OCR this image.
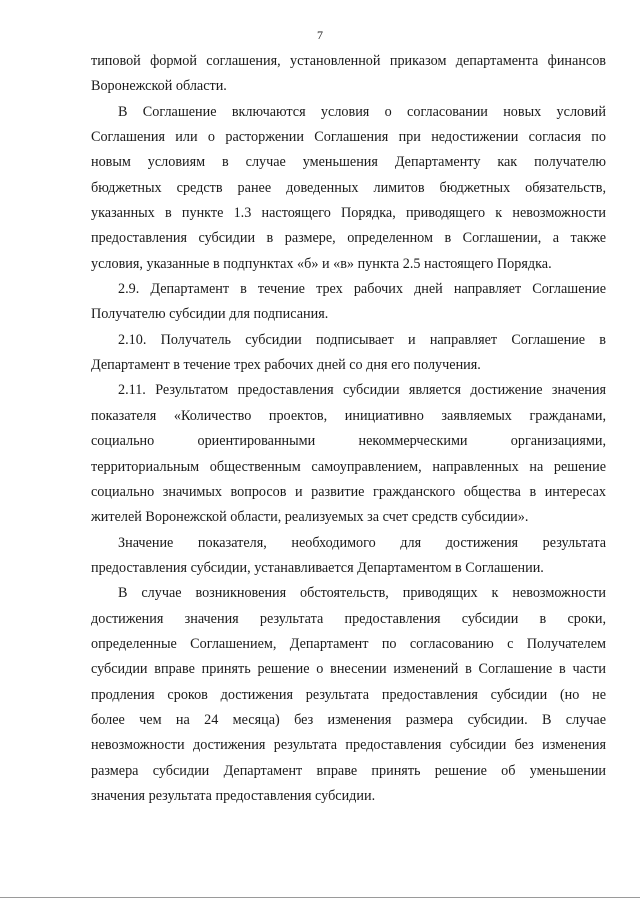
7
типовой формой соглашения, установленной приказом департамента финансов
Воронежской области.
В Соглашение включаются условия о согласовании новых условий
Соглашения или о расторжении Соглашения при недостижении согласия по
новым условиям в случае уменьшения Департаменту как получателю
бюджетных средств ранее доведенных лимитов бюджетных обязательств,
указанных в пункте 1.3 настоящего Порядка, приводящего к невозможности
предоставления субсидии в размере, определенном в Соглашении, а также
условия, указанные в подпунктах «б» и «в» пункта 2.5 настоящего Порядка.
2.9. Департамент в течение трех рабочих дней направляет Соглашение
Получателю субсидии для подписания.
2.10. Получатель субсидии подписывает и направляет Соглашение в
Департамент в течение трех рабочих дней со дня его получения.
2.11. Результатом предоставления субсидии является достижение значения
показателя «Количество проектов, инициативно заявляемых гражданами,
социально ориентированными некоммерческими организациями,
территориальным общественным самоуправлением, направленных на решение
социально значимых вопросов и развитие гражданского общества в интересах
жителей Воронежской области, реализуемых за счет средств субсидии».
Значение показателя, необходимого для достижения результата
предоставления субсидии, устанавливается Департаментом в Соглашении.
В случае возникновения обстоятельств, приводящих к невозможности
достижения значения результата предоставления субсидии в сроки,
определенные Соглашением, Департамент по согласованию с Получателем
субсидии вправе принять решение о внесении изменений в Соглашение в части
продления сроков достижения результата предоставления субсидии (но не
более чем на 24 месяца) без изменения размера субсидии. В случае
невозможности достижения результата предоставления субсидии без изменения
размера субсидии Департамент вправе принять решение об уменьшении
значения результата предоставления субсидии.
